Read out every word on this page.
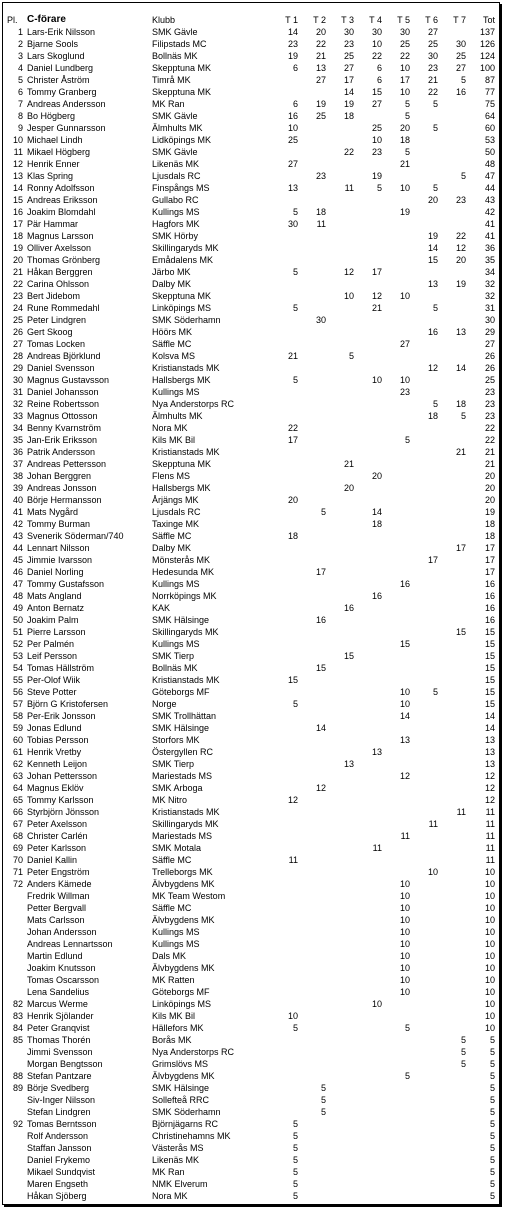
Pl.	C-förare	Klubb	T 1	T 2	T 3	T 4	T 5	T 6	T 7	Tot
1	Lars-Erik Nilsson	SMK Gävle	14	20	30	30	30	27		137
2	Bjarne Sools	Filipstads MC	23	22	23	10	25	25	30	126
3	Lars Skoglund	Bollnäs MK	19	21	25	22	22	30	25	124
4	Daniel Lundberg	Skepptuna MK	6	13	27	6	10	23	27	100
5	Christer Åström	Timrå MK		27	17	6	17	21	5	87
6	Tommy Granberg	Skepptuna MK			14	15	10	22	16	77
7	Andreas Andersson	MK Ran	6	19	19	27	5	5		75
8	Bo Högberg	SMK Gävle	16	25	18		5			64
9	Jesper Gunnarsson	Älmhults MK	10			25	20	5		60
10	Michael Lindh	Lidköpings MK	25			10	18			53
11	Mikael Högberg	SMK Gävle			22	23	5			50
12	Henrik Enner	Likenäs MK	27				21			48
13	Klas Spring	Ljusdals RC		23		19			5	47
14	Ronny Adolfsson	Finspångs MS	13		11	5	10	5		44
15	Andreas Eriksson	Gullabo RC						20	23	43
16	Joakim Blomdahl	Kullings MS	5	18			19			42
17	Pär Hammar	Hagfors MK	30	11						41
18	Magnus Larsson	SMK Hörby						19	22	41
19	Olliver Axelsson	Skillingaryds MK						14	12	36
20	Thomas Grönberg	Emådalens MK						15	20	35
21	Håkan Berggren	Järbo MK	5		12	17				34
22	Carina Ohlsson	Dalby MK						13	19	32
23	Bert Jidebom	Skepptuna MK			10	12	10			32
24	Rune Rommedahl	Linköpings MS	5			21		5		31
25	Peter Lindgren	SMK Söderhamn		30						30
26	Gert Skoog	Höörs MK						16	13	29
27	Tomas Locken	Säffle MC					27			27
28	Andreas Björklund	Kolsva MS	21		5					26
29	Daniel Svensson	Kristianstads MK						12	14	26
30	Magnus Gustavsson	Hallsbergs MK	5			10	10			25
31	Daniel Johansson	Kullings MS					23			23
32	Reine Robertsson	Nya Anderstorps RC						5	18	23
33	Magnus Ottosson	Älmhults MK						18	5	23
34	Benny Kvarnström	Nora MK	22							22
35	Jan-Erik Eriksson	Kils MK Bil	17				5			22
36	Patrik Andersson	Kristianstads MK							21	21
37	Andreas Pettersson	Skepptuna MK			21					21
38	Johan Berggren	Flens MS				20				20
39	Andreas Jonsson	Hallsbergs MK			20					20
40	Börje Hermansson	Årjängs MK	20							20
41	Mats Nygård	Ljusdals RC		5		14				19
42	Tommy Burman	Taxinge MK				18				18
43	Svenerik Söderman/740	Säffle MC	18							18
44	Lennart Nilsson	Dalby MK							17	17
45	Jimmie Ivarsson	Mönsterås MK						17		17
46	Daniel Norling	Hedesunda MK		17						17
47	Tommy Gustafsson	Kullings MS					16			16
48	Mats Angland	Norrköpings MK				16				16
49	Anton Bernatz	KAK			16					16
50	Joakim Palm	SMK Hälsinge		16						16
51	Pierre Larsson	Skillingaryds MK							15	15
52	Per Palmén	Kullings MS					15			15
53	Leif Persson	SMK Tierp			15					15
54	Tomas Hällström	Bollnäs MK		15						15
55	Per-Olof Wiik	Kristianstads MK	15							15
56	Steve Potter	Göteborgs MF					10	5		15
57	Björn G Kristofersen	Norge	5				10			15
58	Per-Erik Jonsson	SMK Trollhättan					14			14
59	Jonas Edlund	SMK Hälsinge		14						14
60	Tobias Persson	Storfors MK					13			13
61	Henrik Vretby	Östergyllen RC				13				13
62	Kenneth Leijon	SMK Tierp			13					13
63	Johan Pettersson	Mariestads MS					12			12
64	Magnus Eklöv	SMK Arboga		12						12
65	Tommy Karlsson	MK Nitro	12							12
66	Styrbjörn Jönsson	Kristianstads MK							11	11
67	Peter Axelsson	Skillingaryds MK						11		11
68	Christer Carlén	Mariestads MS					11			11
69	Peter Karlsson	SMK Motala				11				11
70	Daniel Kallin	Säffle MC	11							11
71	Peter Engström	Trelleborgs MK						10		10
72	Anders Kämede	Älvbygdens MK					10			10
	Fredrik Willman	MK Team Westom					10			10
	Petter Bergvall	Säffle MC					10			10
	Mats Carlsson	Älvbygdens MK					10			10
	Johan Andersson	Kullings MS					10			10
	Andreas Lennartsson	Kullings MS					10			10
	Martin Edlund	Dals MK					10			10
	Joakim Knutsson	Älvbygdens MK					10			10
	Tomas Oscarsson	MK Ratten					10			10
	Lena Sandelius	Göteborgs MF					10			10
82	Marcus Werme	Linköpings MS				10				10
83	Henrik Sjölander	Kils MK Bil	10							10
84	Peter Granqvist	Hällefors MK	5				5			10
85	Thomas Thorén	Borås MK							5	5
	Jimmi Svensson	Nya Anderstorps RC							5	5
	Morgan Bengtsson	Grimslövs MS							5	5
88	Stefan Pantzare	Älvbygdens MK					5			5
89	Börje Svedberg	SMK Hälsinge		5						5
	Siv-Inger Nilsson	Sollefteå RRC		5						5
	Stefan Lindgren	SMK Söderhamn		5						5
92	Tomas Berntsson	Björnjägarns RC	5							5
	Rolf Andersson	Christinehamns MK	5							5
	Staffan Jansson	Västerås MS	5							5
	Daniel Frykemo	Likenäs MK	5							5
	Mikael Sundqvist	MK Ran	5							5
	Maren Engseth	NMK Elverum	5							5
	Håkan Sjöberg	Nora MK	5							5
